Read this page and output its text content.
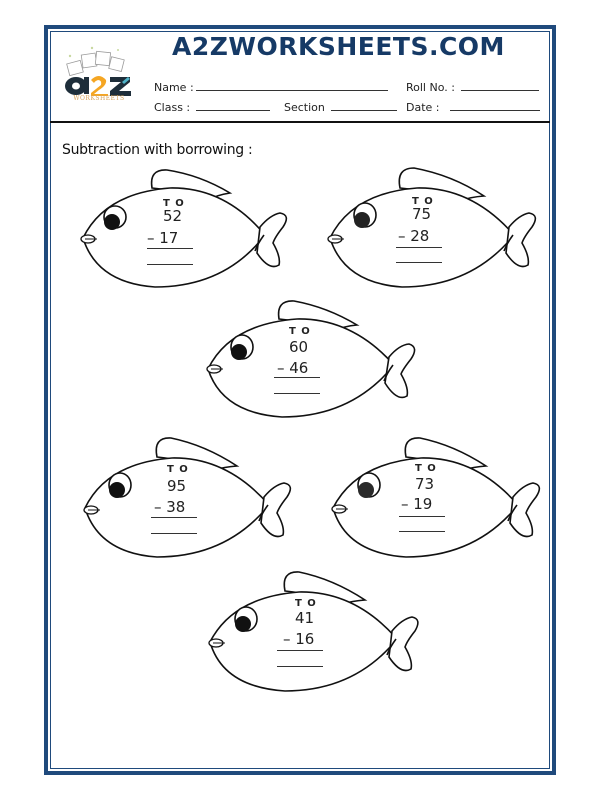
WORKSHEETS
A2ZWORKSHEETS.COM
Name :	Roll No. :
Class :	Section	Date :
Subtraction with borrowing :
T O
52
– 17
T O
75
– 28
T O
60
– 46
T O
95
– 38
T O
73
– 19
T O
41
– 16
